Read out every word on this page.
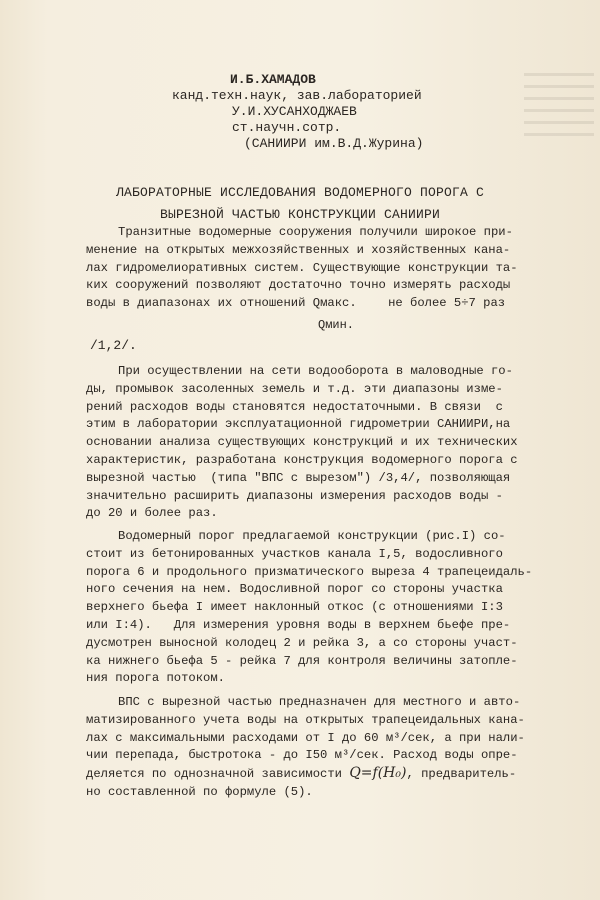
И.Б.ХАМАДОВ
канд.техн.наук, зав.лабораторией
У.И.ХУСАНХОДЖАЕВ
ст.научн.сотр.
(САНИИРИ им.В.Д.Журина)
ЛАБОРАТОРНЫЕ ИССЛЕДОВАНИЯ ВОДОМЕРНОГО ПОРОГА С
ВЫРЕЗНОЙ ЧАСТЬЮ КОНСТРУКЦИИ САНИИРИ
Транзитные водомерные сооружения получили широкое при-
менение на открытых межхозяйственных и хозяйственных кана-
лах гидромелиоративных систем. Существующие конструкции та-
ких сооружений позволяют достаточно точно измерять расходы
воды в диапазонах их отношений Qмакс.	не более 5÷7 раз
Qмин.
/1,2/.
При осуществлении на сети водооборота в маловодные го-
ды, промывок засоленных земель и т.д. эти диапазоны изме-
рений расходов воды становятся недостаточными. В связи  с
этим в лаборатории эксплуатационной гидрометрии САНИИРИ,на
основании анализа существующих конструкций и их технических
характеристик, разработана конструкция водомерного порога с
вырезной частью  (типа "ВПС с вырезом") /3,4/, позволяющая
значительно расширить диапазоны измерения расходов воды -
до 20 и более раз.
Водомерный порог предлагаемой конструкции (рис.I) со-
стоит из бетонированных участков канала I,5, водосливного
порога 6 и продольного призматического выреза 4 трапецеидаль-
ного сечения на нем. Водосливной порог со стороны участка
верхнего бьефа I имеет наклонный откос (с отношениями I:3
или I:4).   Для измерения уровня воды в верхнем бьефе пре-
дусмотрен выносной колодец 2 и рейка 3, а со стороны участ-
ка нижнего бьефа 5 - рейка 7 для контроля величины затопле-
ния порога потоком.
ВПС с вырезной частью предназначен для местного и авто-
матизированного учета воды на открытых трапецеидальных кана-
лах с максимальными расходами от I до 60 м³/сек, а при нали-
чии перепада, быстротока - до I50 м³/сек. Расход воды опре-
деляется по однозначной зависимости Q=f(H₀), предваритель-
но составленной по формуле (5).
